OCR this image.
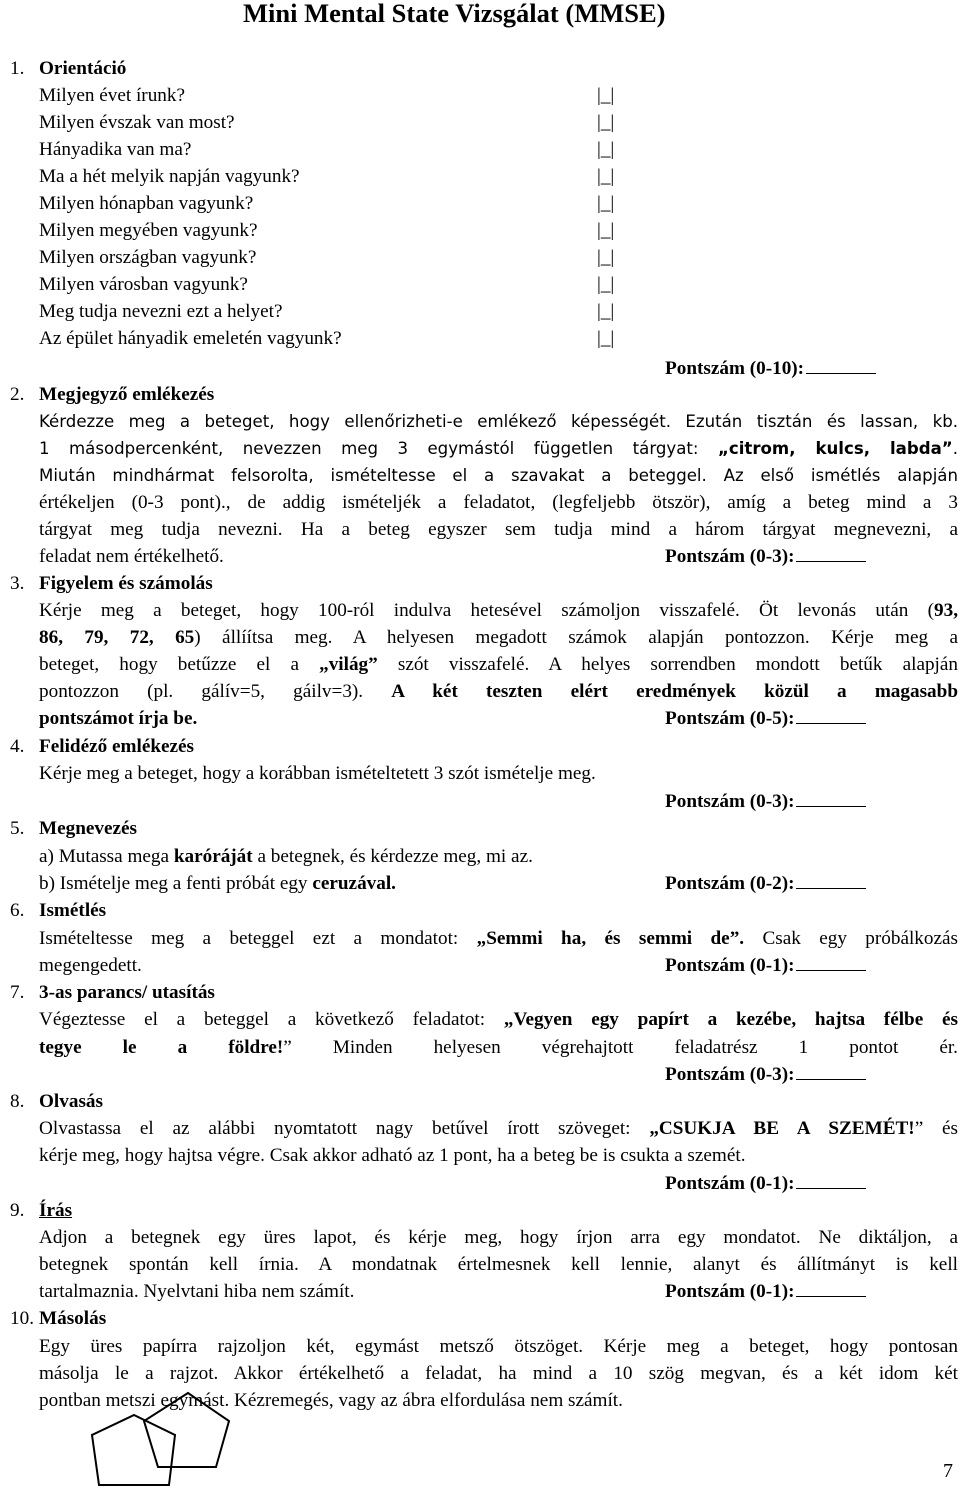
Mini Mental State Vizsgálat (MMSE)
1. Orientáció
Milyen évet írunk?	|_|
Milyen évszak van most?	|_|
Hányadika van ma?	|_|
Ma a hét melyik napján vagyunk?	|_|
Milyen hónapban vagyunk?	|_|
Milyen megyében vagyunk?	|_|
Milyen országban vagyunk?	|_|
Milyen városban vagyunk?	|_|
Meg tudja nevezni ezt a helyet?	|_|
Az épület hányadik emeletén vagyunk?	|_|
Pontszám (0-10):
2. Megjegyző emlékezés
Kérdezze meg a beteget, hogy ellenőrizheti-e emlékező képességét. Ezután tisztán és lassan, kb.
1 másodpercenként, nevezzen meg 3 egymástól független tárgyat: „citrom, kulcs, labda”.
Miután mindhármat felsorolta, ismételtesse el a szavakat a beteggel. Az első ismétlés alapján
értékeljen (0-3 pont)., de addig ismételjék a feladatot, (legfeljebb ötször), amíg a beteg mind a 3
tárgyat meg tudja nevezni. Ha a beteg egyszer sem tudja mind a három tárgyat megnevezni, a
feladat nem értékelhető.	Pontszám (0-3):
3. Figyelem és számolás
Kérje meg a beteget, hogy 100-ról indulva hetesével számoljon visszafelé. Öt levonás után (93,
86, 79, 72, 65) állíítsa meg. A helyesen megadott számok alapján pontozzon. Kérje meg a
beteget, hogy betűzze el a „világ” szót visszafelé. A helyes sorrendben mondott betűk alapján
pontozzon (pl. gálív=5, gáilv=3). A két teszten elért eredmények közül a magasabb
pontszámot írja be.	Pontszám (0-5):
4. Felidéző emlékezés
Kérje meg a beteget, hogy a korábban ismételtetett 3 szót ismételje meg.
Pontszám (0-3):
5. Megnevezés
a) Mutassa mega karóráját a betegnek, és kérdezze meg, mi az.
b) Ismételje meg a fenti próbát egy ceruzával.	Pontszám (0-2):
6. Ismétlés
Ismételtesse meg a beteggel ezt a mondatot: „Semmi ha, és semmi de”. Csak egy próbálkozás
megengedett.	Pontszám (0-1):
7. 3-as parancs/ utasítás
Végeztesse el a beteggel a következő feladatot: „Vegyen egy papírt a kezébe, hajtsa félbe és
tegye le a földre!” Minden helyesen végrehajtott feladatrész 1 pontot ér.
Pontszám (0-3):
8. Olvasás
Olvastassa el az alábbi nyomtatott nagy betűvel írott szöveget: „CSUKJA BE A SZEMÉT!” és
kérje meg, hogy hajtsa végre. Csak akkor adható az 1 pont, ha a beteg be is csukta a szemét.
Pontszám (0-1):
9. Írás
Adjon a betegnek egy üres lapot, és kérje meg, hogy írjon arra egy mondatot. Ne diktáljon, a
betegnek spontán kell írnia. A mondatnak értelmesnek kell lennie, alanyt és állítmányt is kell
tartalmaznia. Nyelvtani hiba nem számít.	Pontszám (0-1):
10. Másolás
Egy üres papírra rajzoljon két, egymást metsző ötszöget. Kérje meg a beteget, hogy pontosan
másolja le a rajzot. Akkor értékelhető a feladat, ha mind a 10 szög megvan, és a két idom két
pontban metszi egymást. Kézremegés, vagy az ábra elfordulása nem számít.
7
